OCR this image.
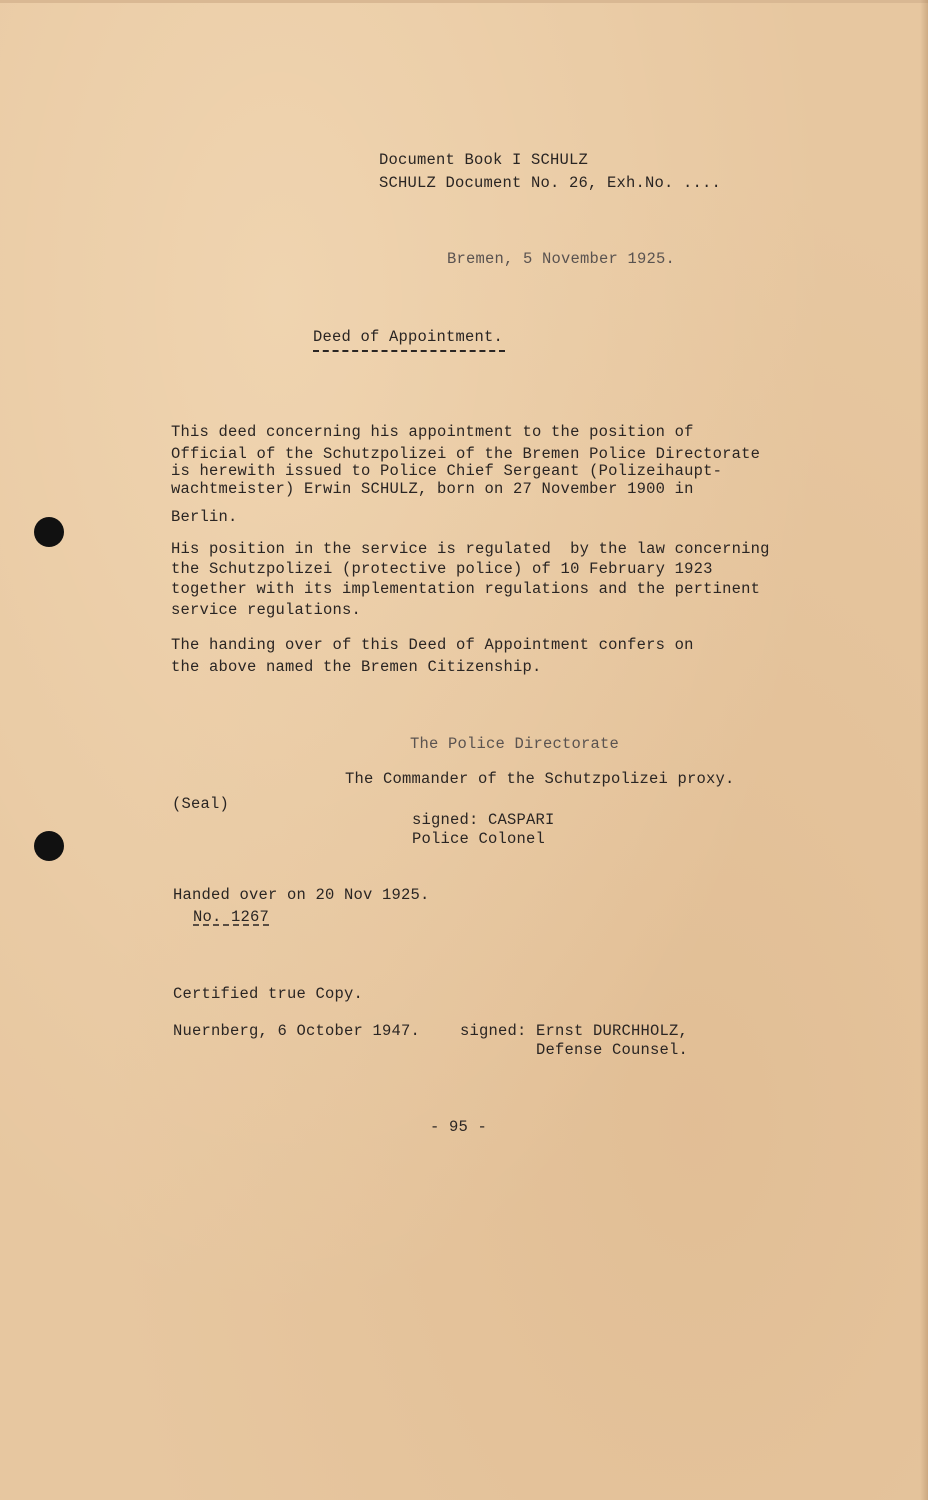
Document Book I SCHULZ
SCHULZ Document No. 26, Exh.No. ....
Bremen, 5 November 1925.
Deed of Appointment.
This deed concerning his appointment to the position of
Official of the Schutzpolizei of the Bremen Police Directorate
is herewith issued to Police Chief Sergeant (Polizeihaupt-
wachtmeister) Erwin SCHULZ, born on 27 November 1900 in
Berlin.
His position in the service is regulated  by the law concerning
the Schutzpolizei (protective police) of 10 February 1923
together with its implementation regulations and the pertinent
service regulations.
The handing over of this Deed of Appointment confers on
the above named the Bremen Citizenship.
The Police Directorate
The Commander of the Schutzpolizei proxy.
(Seal)
signed: CASPARI
Police Colonel
Handed over on 20 Nov 1925.
No. 1267
Certified true Copy.
Nuernberg, 6 October 1947.	signed: Ernst DURCHHOLZ,
Defense Counsel.
- 95 -
